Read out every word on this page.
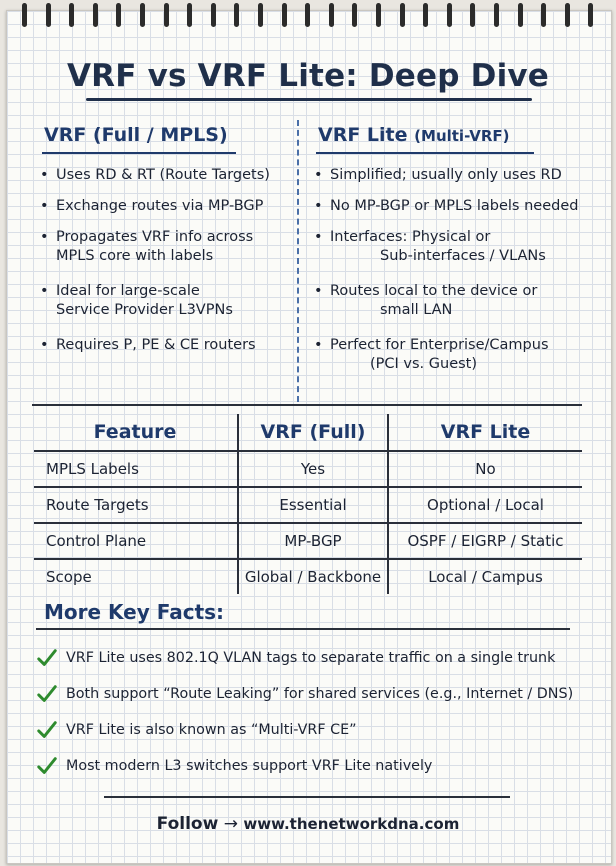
VRF vs VRF Lite: Deep Dive
VRF (Full / MPLS)	VRF Lite (Multi-VRF)
• Uses RD & RT (Route Targets)
• Exchange routes via MP-BGP
• Propagates VRF info across
MPLS core with labels
• Ideal for large-scale
Service Provider L3VPNs
• Requires P, PE & CE routers
• Simplified; usually only uses RD
• No MP-BGP or MPLS labels needed
• Interfaces: Physical or
Sub-interfaces / VLANs
• Routes local to the device or
small LAN
• Perfect for Enterprise/Campus
(PCI vs. Guest)
Feature	VRF (Full)	VRF Lite
MPLS Labels	Yes	No
Route Targets	Essential	Optional / Local
Control Plane	MP-BGP	OSPF / EIGRP / Static
Scope	Global / Backbone	Local / Campus
More Key Facts:
VRF Lite uses 802.1Q VLAN tags to separate traffic on a single trunk
Both support “Route Leaking” for shared services (e.g., Internet / DNS)
VRF Lite is also known as “Multi-VRF CE”
Most modern L3 switches support VRF Lite natively
Follow → www.thenetworkdna.com
